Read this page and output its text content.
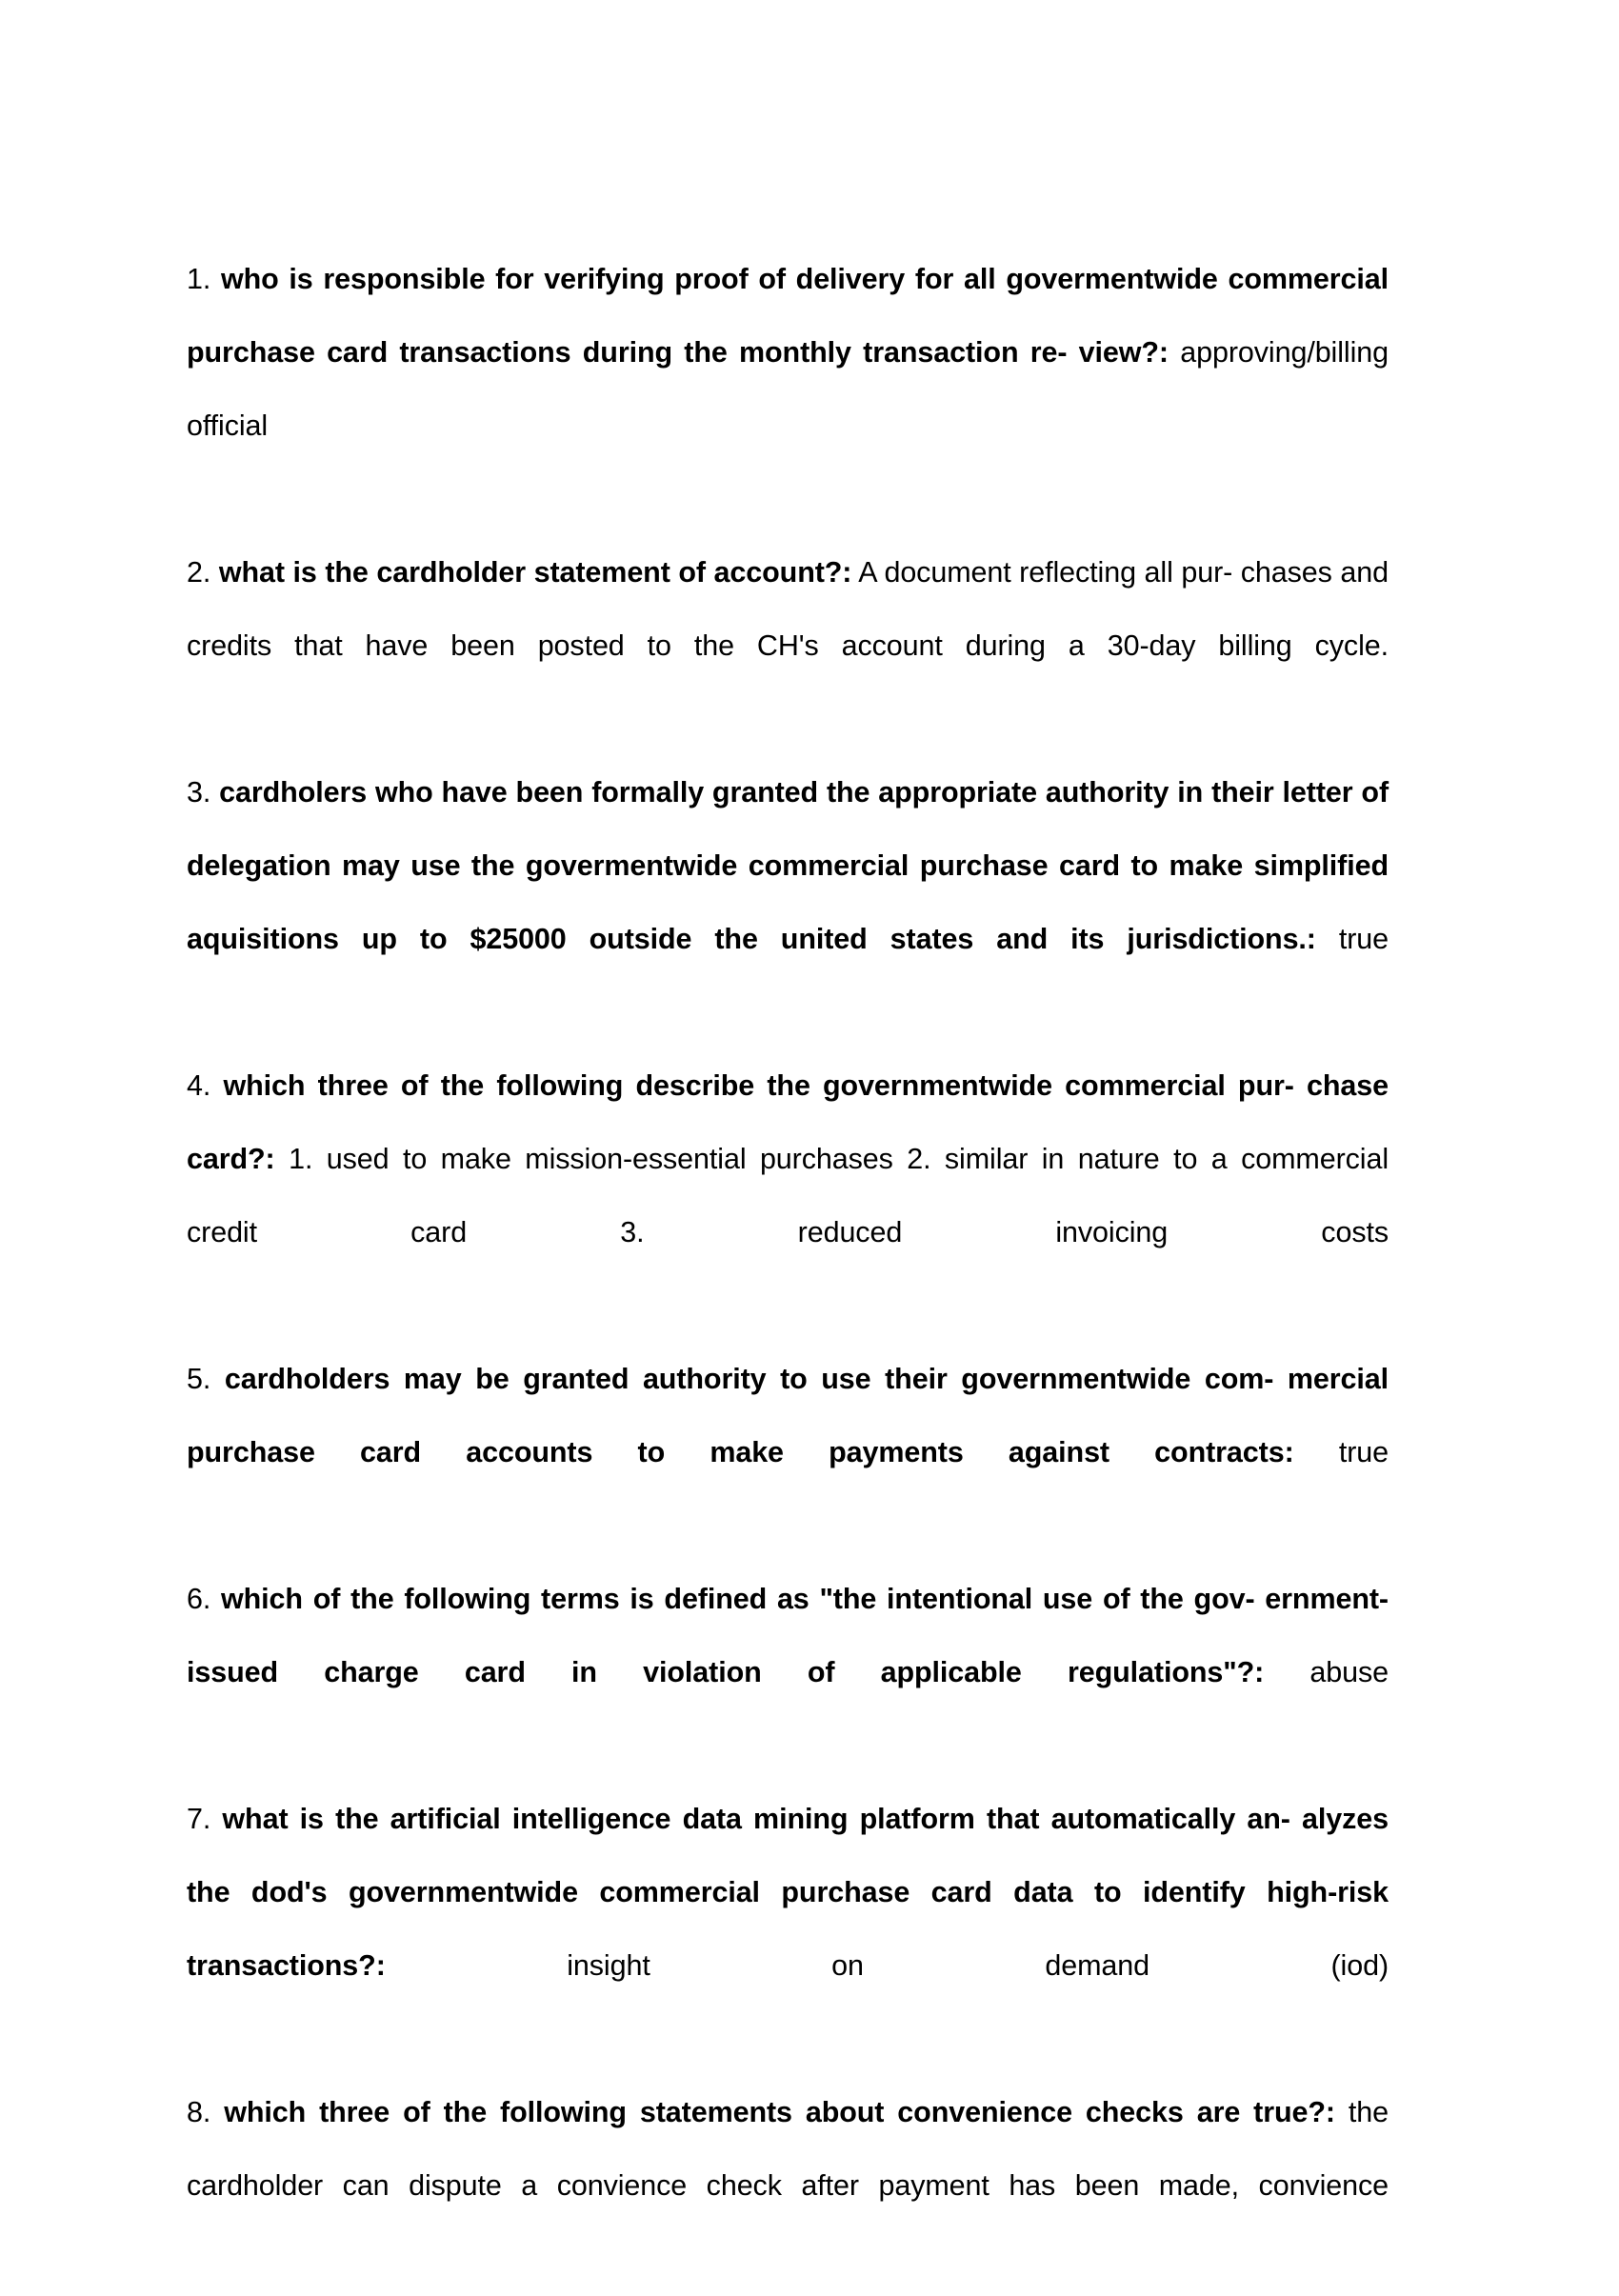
1. who is responsible for verifying proof of delivery for all govermentwide commercial purchase card transactions during the monthly transaction re- view?: approving/billing official

2. what is the cardholder statement of account?: A document reflecting all pur- chases and credits that have been posted to the CH's account during a 30-day billing cycle.

3. cardholers who have been formally granted the appropriate authority in their letter of delegation may use the govermentwide commercial purchase card to make simplified aquisitions up to $25000 outside the united states and its jurisdictions.: true

4. which three of the following describe the governmentwide commercial pur- chase card?: 1. used to make mission-essential purchases 2. similar in nature to a commercial credit card 3. reduced invoicing costs

5. cardholders may be granted authority to use their governmentwide com- mercial purchase card accounts to make payments against contracts: true

6. which of the following terms is defined as "the intentional use of the gov- ernment-issued charge card in violation of applicable regulations"?: abuse

7. what is the artificial intelligence data mining platform that automatically an- alyzes the dod's governmentwide commercial purchase card data to identify high-risk transactions?:	insight on demand (iod)

8. which three of the following statements about convenience checks are true?: the cardholder can dispute a convience check after payment has been made, convience
